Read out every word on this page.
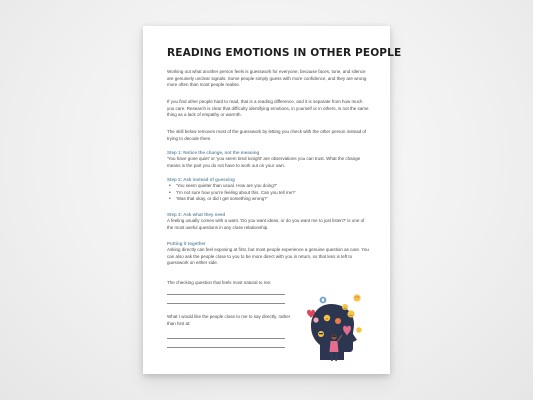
READING EMOTIONS IN OTHER PEOPLE
Working out what another person feels is guesswork for everyone, because faces, tone, and silence are genuinely unclear signals. Some people simply guess with more confidence, and they are wrong more often than most people realise.
If you find other people hard to read, that is a reading difference, and it is separate from how much you care. Research is clear that difficulty identifying emotions, in yourself or in others, is not the same thing as a lack of empathy or warmth.
The skill below removes most of the guesswork by letting you check with the other person instead of trying to decode them.
Step 1: Notice the change, not the meaning
'You have gone quiet' or 'you seem tired tonight' are observations you can trust. What the change means is the part you do not have to work out on your own.
Step 2: Ask instead of guessing
• 'You seem quieter than usual. How are you doing?'
• 'I'm not sure how you're feeling about this. Can you tell me?'
• 'Was that okay, or did I get something wrong?'
Step 3: Ask what they need
A feeling usually comes with a want. 'Do you want ideas, or do you want me to just listen?' is one of the most useful questions in any close relationship.
Putting it together
Asking directly can feel exposing at first, but most people experience a genuine question as care. You can also ask the people close to you to be more direct with you in return, so that less is left to guesswork on either side.
The checking question that feels most natural to me:
What I would like the people close to me to say directly, rather than hint at:
